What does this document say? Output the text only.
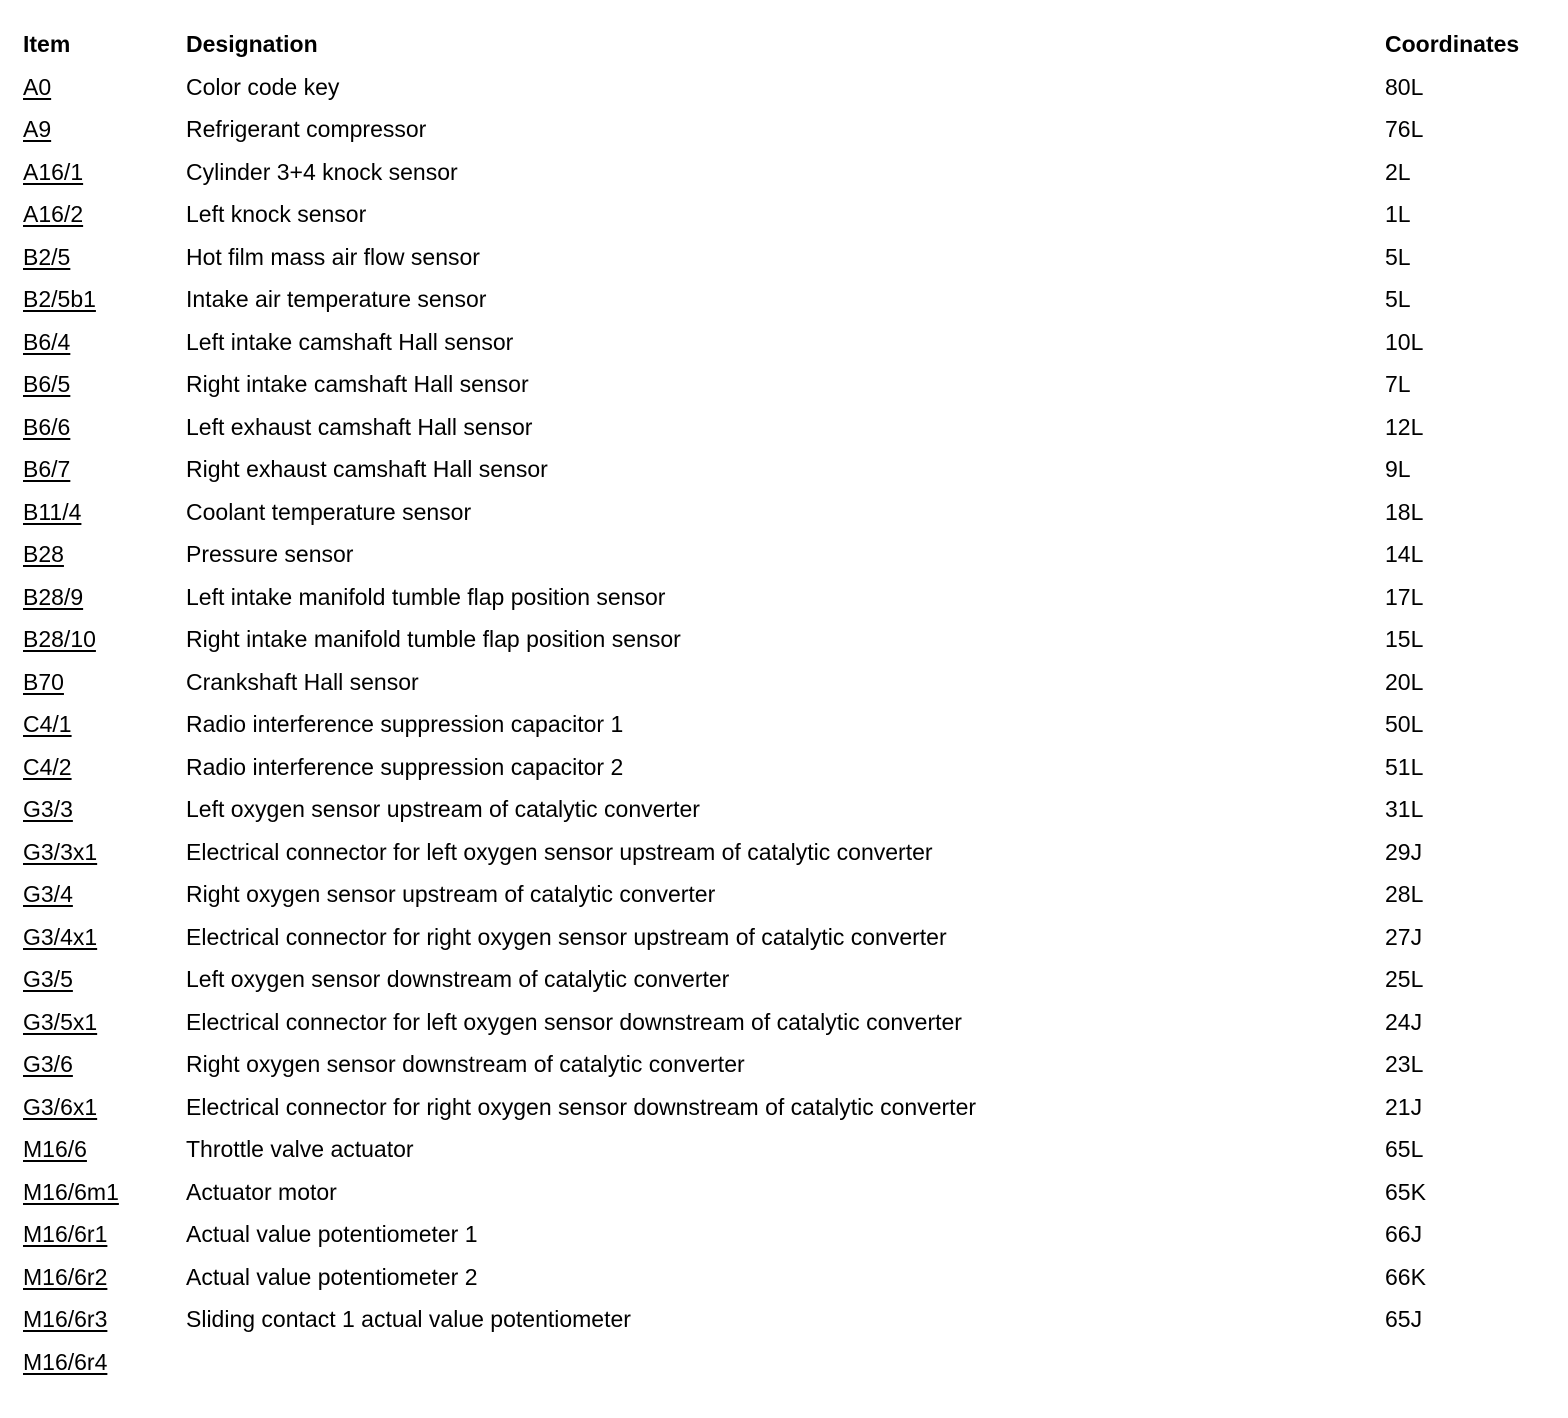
Item	Designation	Coordinates
A0	Color code key	80L
A9	Refrigerant compressor	76L
A16/1	Cylinder 3+4 knock sensor	2L
A16/2	Left knock sensor	1L
B2/5	Hot film mass air flow sensor	5L
B2/5b1	Intake air temperature sensor	5L
B6/4	Left intake camshaft Hall sensor	10L
B6/5	Right intake camshaft Hall sensor	7L
B6/6	Left exhaust camshaft Hall sensor	12L
B6/7	Right exhaust camshaft Hall sensor	9L
B11/4	Coolant temperature sensor	18L
B28	Pressure sensor	14L
B28/9	Left intake manifold tumble flap position sensor	17L
B28/10	Right intake manifold tumble flap position sensor	15L
B70	Crankshaft Hall sensor	20L
C4/1	Radio interference suppression capacitor 1	50L
C4/2	Radio interference suppression capacitor 2	51L
G3/3	Left oxygen sensor upstream of catalytic converter	31L
G3/3x1	Electrical connector for left oxygen sensor upstream of catalytic converter	29J
G3/4	Right oxygen sensor upstream of catalytic converter	28L
G3/4x1	Electrical connector for right oxygen sensor upstream of catalytic converter	27J
G3/5	Left oxygen sensor downstream of catalytic converter	25L
G3/5x1	Electrical connector for left oxygen sensor downstream of catalytic converter	24J
G3/6	Right oxygen sensor downstream of catalytic converter	23L
G3/6x1	Electrical connector for right oxygen sensor downstream of catalytic converter	21J
M16/6	Throttle valve actuator	65L
M16/6m1	Actuator motor	65K
M16/6r1	Actual value potentiometer 1	66J
M16/6r2	Actual value potentiometer 2	66K
M16/6r3	Sliding contact 1 actual value potentiometer	65J
M16/6r4
